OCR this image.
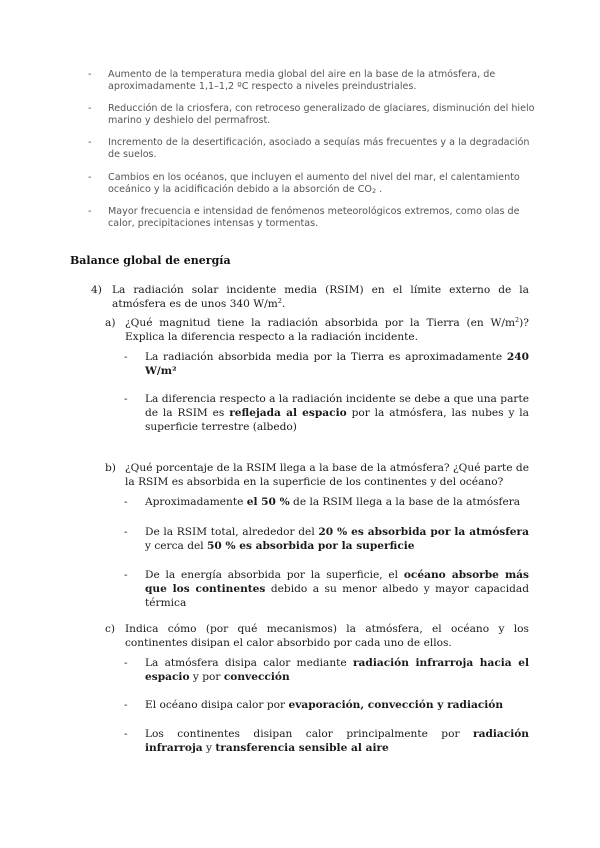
- Aumento de la temperatura media global del aire en la base de la atmósfera, de aproximadamente 1,1–1,2 ºC respecto a niveles preindustriales.
- Reducción de la criosfera, con retroceso generalizado de glaciares, disminución del hielo marino y deshielo del permafrost.
- Incremento de la desertificación, asociado a sequías más frecuentes y a la degradación de suelos.
- Cambios en los océanos, que incluyen el aumento del nivel del mar, el calentamiento oceánico y la acidificación debido a la absorción de $CO_2$ .
- Mayor frecuencia e intensidad de fenómenos meteorológicos extremos, como olas de calor, precipitaciones intensas y tormentas.
Balance global de energía
4) La radiación solar incidente media (RSIM) en el límite externo de la atmósfera es de unos 340 $W/m^2$.
a) ¿Qué magnitud tiene la radiación absorbida por la Tierra (en $W/m^2$)? Explica la diferencia respecto a la radiación incidente.
- La radiación absorbida media por la Tierra es aproximadamente 240 W/m²
- La diferencia respecto a la radiación incidente se debe a que una parte de la RSIM es reflejada al espacio por la atmósfera, las nubes y la superficie terrestre (albedo)
b) ¿Qué porcentaje de la RSIM llega a la base de la atmósfera? ¿Qué parte de la RSIM es absorbida en la superficie de los continentes y del océano?
- Aproximadamente el 50 % de la RSIM llega a la base de la atmósfera
- De la RSIM total, alrededor del 20 % es absorbida por la atmósfera y cerca del 50 % es absorbida por la superficie
- De la energía absorbida por la superficie, el océano absorbe más que los continentes debido a su menor albedo y mayor capacidad térmica
c) Indica cómo (por qué mecanismos) la atmósfera, el océano y los continentes disipan el calor absorbido por cada uno de ellos.
- La atmósfera disipa calor mediante radiación infrarroja hacia el espacio y por convección
- El océano disipa calor por evaporación, convección y radiación
- Los continentes disipan calor principalmente por radiación infrarroja y transferencia sensible al aire
